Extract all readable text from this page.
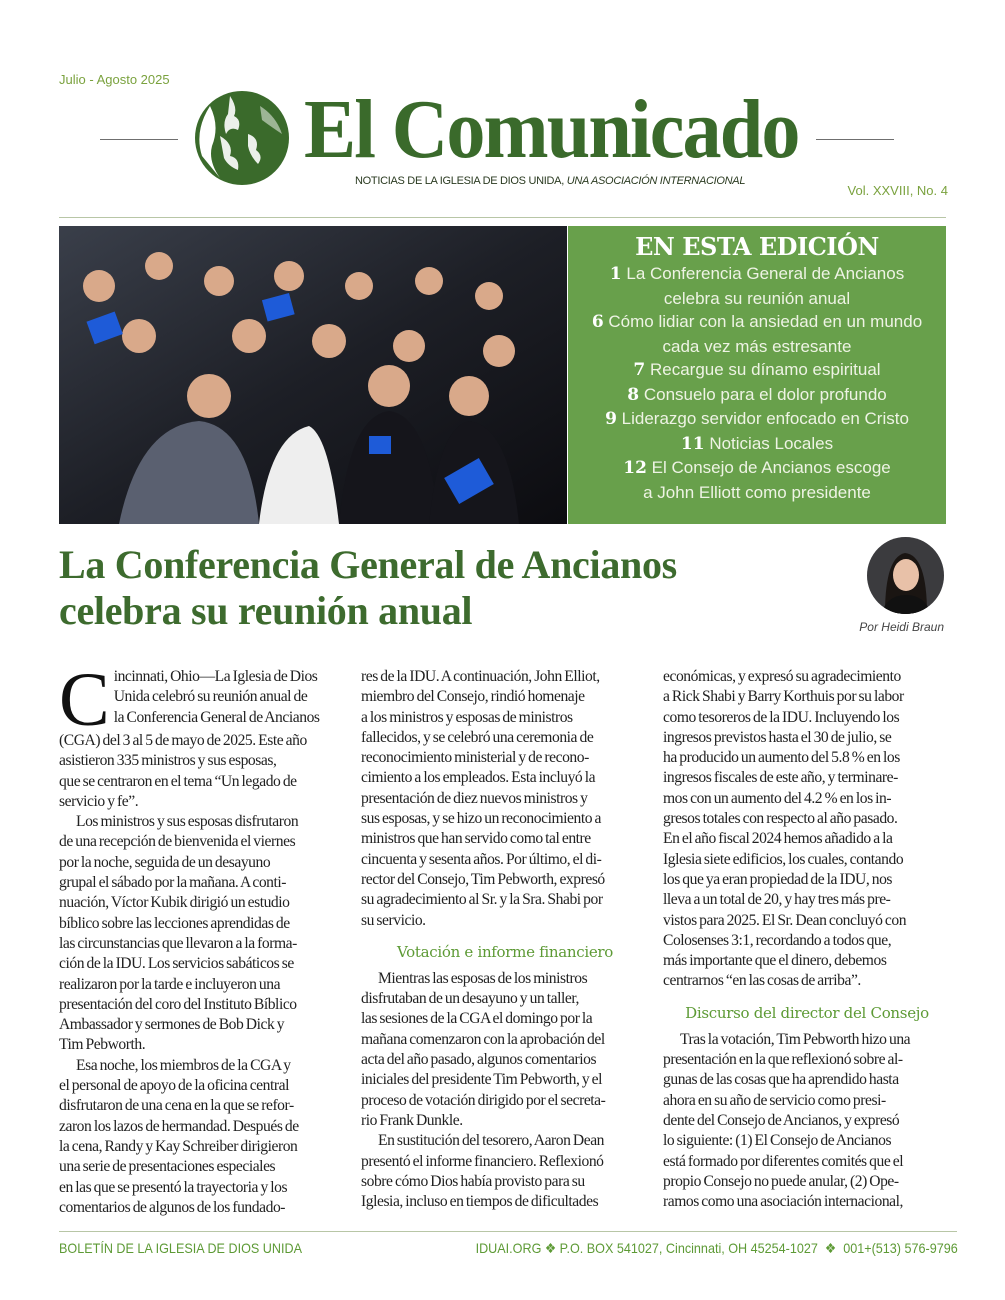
Julio - Agosto 2025
El Comunicado
NOTICIAS DE LA IGLESIA DE DIOS UNIDA, UNA ASOCIACIÓN INTERNACIONAL
Vol. XXVIII, No. 4
EN ESTA EDICIÓN
1 La Conferencia General de Ancianos
celebra su reunión anual
6 Cómo lidiar con la ansiedad en un mundo
cada vez más estresante
7 Recargue su dínamo espiritual
8 Consuelo para el dolor profundo
9 Liderazgo servidor enfocado en Cristo
11 Noticias Locales
12 El Consejo de Ancianos escoge
a John Elliott como presidente
La Conferencia General de Ancianos
celebra su reunión anual	Por Heidi Braun
C incinnati, Ohio—La Iglesia de Dios
Unida celebró su reunión anual de
la Conferencia General de Ancianos

(CGA) del 3 al 5 de mayo de 2025. Este año
asistieron 335 ministros y sus esposas,
que se centraron en el tema “Un legado de
servicio y fe”.

Los ministros y sus esposas disfrutaron
de una recepción de bienvenida el viernes
por la noche, seguida de un desayuno
grupal el sábado por la mañana. A conti-
nuación, Víctor Kubik dirigió un estudio
bíblico sobre las lecciones aprendidas de
las circunstancias que llevaron a la forma-
ción de la IDU. Los servicios sabáticos se
realizaron por la tarde e incluyeron una
presentación del coro del Instituto Bíblico
Ambassador y sermones de Bob Dick y
Tim Pebworth.

Esa noche, los miembros de la CGA y
el personal de apoyo de la oficina central
disfrutaron de una cena en la que se refor-
zaron los lazos de hermandad. Después de
la cena, Randy y Kay Schreiber dirigieron
una serie de presentaciones especiales
en las que se presentó la trayectoria y los
comentarios de algunos de los fundado-

res de la IDU. A continuación, John Elliot,
miembro del Consejo, rindió homenaje
a los ministros y esposas de ministros
fallecidos, y se celebró una ceremonia de
reconocimiento ministerial y de recono-
cimiento a los empleados. Esta incluyó la
presentación de diez nuevos ministros y
sus esposas, y se hizo un reconocimiento a
ministros que han servido como tal entre
cincuenta y sesenta años. Por último, el di-
rector del Consejo, Tim Pebworth, expresó
su agradecimiento al Sr. y la Sra. Shabi por
su servicio.

Votación e informe financiero

Mientras las esposas de los ministros
disfrutaban de un desayuno y un taller,
las sesiones de la CGA el domingo por la
mañana comenzaron con la aprobación del
acta del año pasado, algunos comentarios
iniciales del presidente Tim Pebworth, y el
proceso de votación dirigido por el secreta-
rio Frank Dunkle.

En sustitución del tesorero, Aaron Dean
presentó el informe financiero. Reflexionó
sobre cómo Dios había provisto para su
Iglesia, incluso en tiempos de dificultades

económicas, y expresó su agradecimiento
a Rick Shabi y Barry Korthuis por su labor
como tesoreros de la IDU. Incluyendo los
ingresos previstos hasta el 30 de julio, se
ha producido un aumento del 5.8 % en los
ingresos fiscales de este año, y terminare-
mos con un aumento del 4.2 % en los in-
gresos totales con respecto al año pasado.
En el año fiscal 2024 hemos añadido a la
Iglesia siete edificios, los cuales, contando
los que ya eran propiedad de la IDU, nos
lleva a un total de 20, y hay tres más pre-
vistos para 2025. El Sr. Dean concluyó con
Colosenses 3:1, recordando a todos que,
más importante que el dinero, debemos
centrarnos “en las cosas de arriba”.

Discurso del director del Consejo

Tras la votación, Tim Pebworth hizo una
presentación en la que reflexionó sobre al-
gunas de las cosas que ha aprendido hasta
ahora en su año de servicio como presi-
dente del Consejo de Ancianos, y expresó
lo siguiente: (1) El Consejo de Ancianos
está formado por diferentes comités que el
propio Consejo no puede anular, (2) Ope-
ramos como una asociación internacional,

BOLETÍN DE LA IGLESIA DE DIOS UNIDA	IDUAI.ORG ❖ P.O. BOX 541027, Cincinnati, OH 45254-1027  ❖  001+(513) 576-9796
